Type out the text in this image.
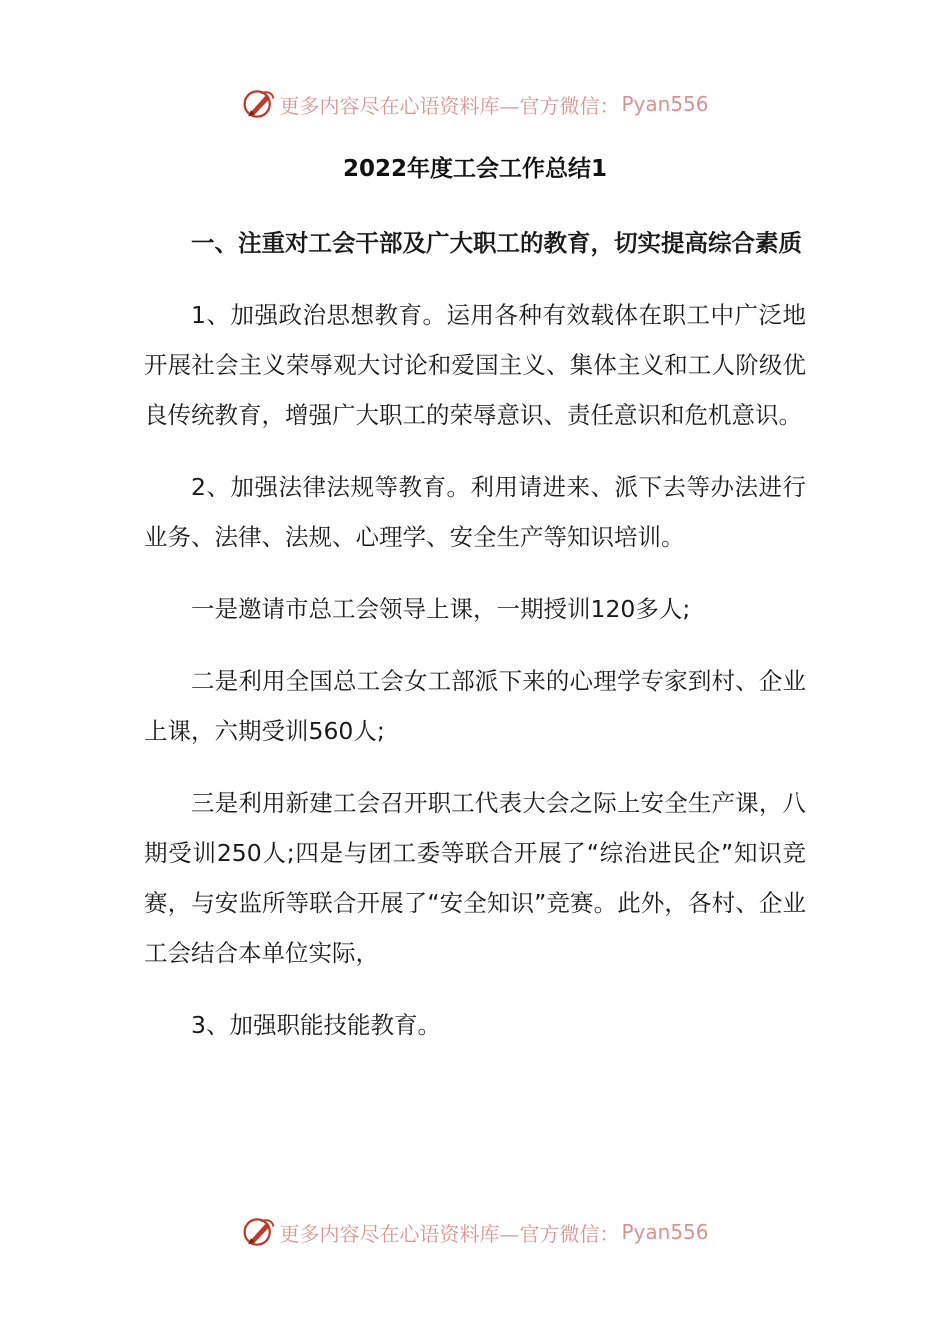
更多内容尽在心语资料库—官方微信： Pyan556
2022年度工会工作总结1

一、注重对工会干部及广大职工的教育，切实提高综合素质

1、加强政治思想教育。运用各种有效载体在职工中广泛地开展社会主义荣辱观大讨论和爱国主义、集体主义和工人阶级优良传统教育，增强广大职工的荣辱意识、责任意识和危机意识。

2、加强法律法规等教育。利用请进来、派下去等办法进行业务、法律、法规、心理学、安全生产等知识培训。

一是邀请市总工会领导上课，一期授训120多人;

二是利用全国总工会女工部派下来的心理学专家到村、企业上课，六期受训560人;

三是利用新建工会召开职工代表大会之际上安全生产课，八期受训250人;四是与团工委等联合开展了“综治进民企”知识竞赛，与安监所等联合开展了“安全知识”竞赛。此外，各村、企业工会结合本单位实际，

3、加强职能技能教育。

更多内容尽在心语资料库—官方微信： Pyan556
